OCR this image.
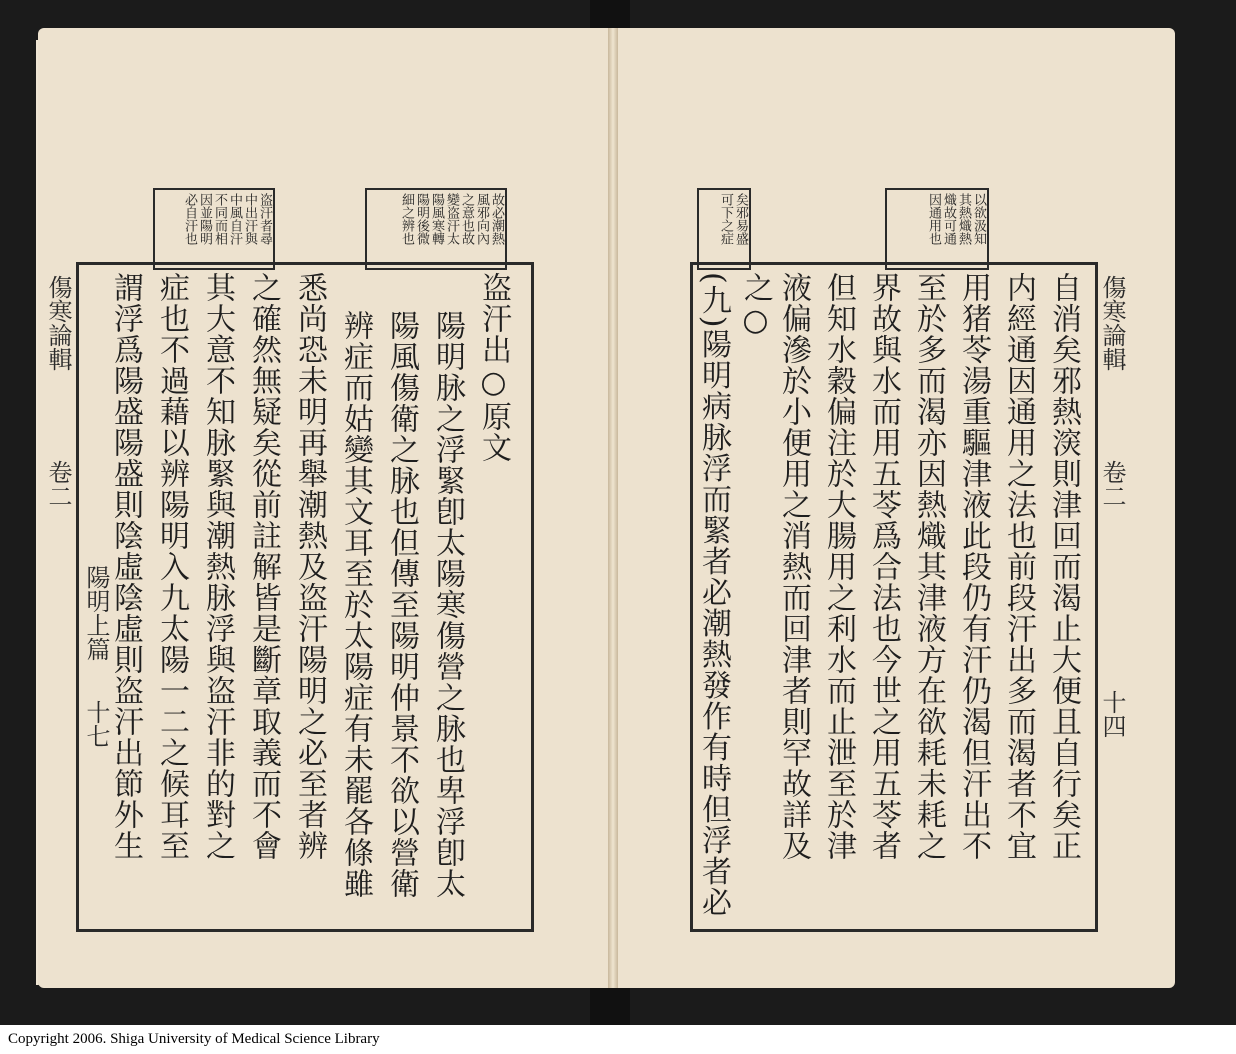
盗汗者尋
中出汗與
中風自汗
不同而相
因並陽明
必自汗也	故必潮熱
風邪向內
之意也故
變盗汗太
陽風寒轉
陽明後微
細之辨也	以欲汲知
其熱熾熱
熾故可通
因通用也
矣邪易盛
可下之症
傷寒論輯
卷二
陽明上篇
十七
傷寒論輯
卷二
十四
盗汗出○原文
陽明脉之浮緊卽太陽寒傷營之脉也卑浮卽太
陽風傷衛之脉也但傳至陽明仲景不欲以營衛
辨症而姑變其文耳至於太陽症有未罷各條雖
悉尚恐未明再舉潮熱及盗汗陽明之必至者辨
之確然無疑矣從前註解皆是斷章取義而不會
其大意不知脉緊與潮熱脉浮與盗汗非的對之
症也不過藉以辨陽明入九太陽一二之候耳至
謂浮爲陽盛陽盛則陰虛陰虛則盗汗出節外生	自消矣邪熱㴱則津回而渴止大便且自行矣正
内經通因通用之法也前段汗出多而渴者不宜
用猪苓湯重驅津液此段仍有汗仍渴但汗出不
至於多而渴亦因熱熾其津液方在欲耗未耗之
界故與水而用五苓爲合法也今世之用五苓者
但知水穀偏注於大腸用之利水而止泄至於津
液偏滲於小便用之消熱而回津者則罕故詳及
之○
(九)陽明病脉浮而緊者必潮熱發作有時但浮者必
Copyright 2006. Shiga University of Medical Science Library
